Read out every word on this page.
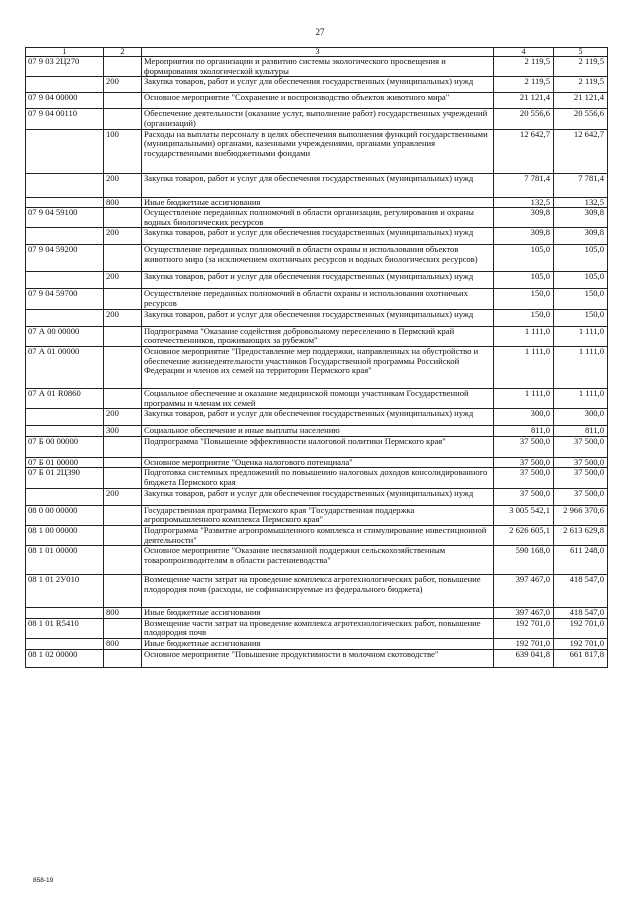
27
1	2	3	4	5
07 9 03 2Ц270		Мероприятия по организации и развитию системы экологического просвещения и формирования экологической культуры	2 119,5	2 119,5
	200	Закупка товаров, работ и услуг для обеспечения государственных (муниципальных) нужд	2 119,5	2 119,5
07 9 04 00000		Основное мероприятие "Сохранение и воспроизводство объектов животного мира"	21 121,4	21 121,4
07 9 04 00110		Обеспечение деятельности (оказание услуг, выполнение работ) государственных учреждений (организаций)	20 556,6	20 556,6
	100	Расходы на выплаты персоналу в целях обеспечения выполнения функций государственными (муниципальными) органами, казенными учреждениями, органами управления государственными внебюджетными фондами	12 642,7	12 642,7
	200	Закупка товаров, работ и услуг для обеспечения государственных (муниципальных) нужд	7 781,4	7 781,4
	800	Иные бюджетные ассигнования	132,5	132,5
07 9 04 59100		Осуществление переданных полномочий в области организации, регулирования и охраны водных биологических ресурсов	309,8	309,8
	200	Закупка товаров, работ и услуг для обеспечения государственных (муниципальных) нужд	309,8	309,8
07 9 04 59200		Осуществление переданных полномочий в области охраны и использования объектов животного мира (за исключением охотничьих ресурсов и водных биологических ресурсов)	105,0	105,0
	200	Закупка товаров, работ и услуг для обеспечения государственных (муниципальных) нужд	105,0	105,0
07 9 04 59700		Осуществление переданных полномочий в области охраны и использования охотничьих ресурсов	150,0	150,0
	200	Закупка товаров, работ и услуг для обеспечения государственных (муниципальных) нужд	150,0	150,0
07 А 00 00000		Подпрограмма "Оказание содействия добровольному переселению в Пермский край соотечественников, проживающих за рубежом"	1 111,0	1 111,0
07 А 01 00000		Основное мероприятие "Предоставление мер поддержки, направленных на обустройство и обеспечение жизнедеятельности участников Государственной программы Российской Федерации и членов их семей на территории Пермского края"	1 111,0	1 111,0
07 А 01 R0860		Социальное обеспечение и оказание медицинской помощи участникам Государственной программы и членам их семей	1 111,0	1 111,0
	200	Закупка товаров, работ и услуг для обеспечения государственных (муниципальных) нужд	300,0	300,0
	300	Социальное обеспечение и иные выплаты населению	811,0	811,0
07 Б 00 00000		Подпрограмма "Повышение эффективности налоговой политики Пермского края"	37 500,0	37 500,0
07 Б 01 00000		Основное мероприятие "Оценка налогового потенциала"	37 500,0	37 500,0
07 Б 01 2Ц390		Подготовка системных предложений по повышению налоговых доходов консолидированного бюджета Пермского края	37 500,0	37 500,0
	200	Закупка товаров, работ и услуг для обеспечения государственных (муниципальных) нужд	37 500,0	37 500,0
08 0 00 00000		Государственная программа Пермского края "Государственная поддержка агропромышленного комплекса Пермского края"	3 005 542,1	2 966 370,6
08 1 00 00000		Подпрограмма "Развитие агропромышленного комплекса и стимулирование инвестиционной деятельности"	2 626 605,1	2 613 629,8
08 1 01 00000		Основное мероприятие "Оказание несвязанной поддержки сельскохозяйственным товаропроизводителям в области растениеводства"	590 168,0	611 248,0
08 1 01 2У010		Возмещение части затрат на проведение комплекса агротехнологических работ, повышение плодородия почв (расходы, не софинансируемые из федерального бюджета)	397 467,0	418 547,0
	800	Иные бюджетные ассигнования	397 467,0	418 547,0
08 1 01 R5410		Возмещение части затрат на проведение комплекса агротехнологических работ, повышение плодородия почв	192 701,0	192 701,0
	800	Иные бюджетные ассигнования	192 701,0	192 701,0
08 1 02 00000		Основное мероприятие "Повышение продуктивности в молочном скотоводстве"	639 041,8	661 817,8
858-19
